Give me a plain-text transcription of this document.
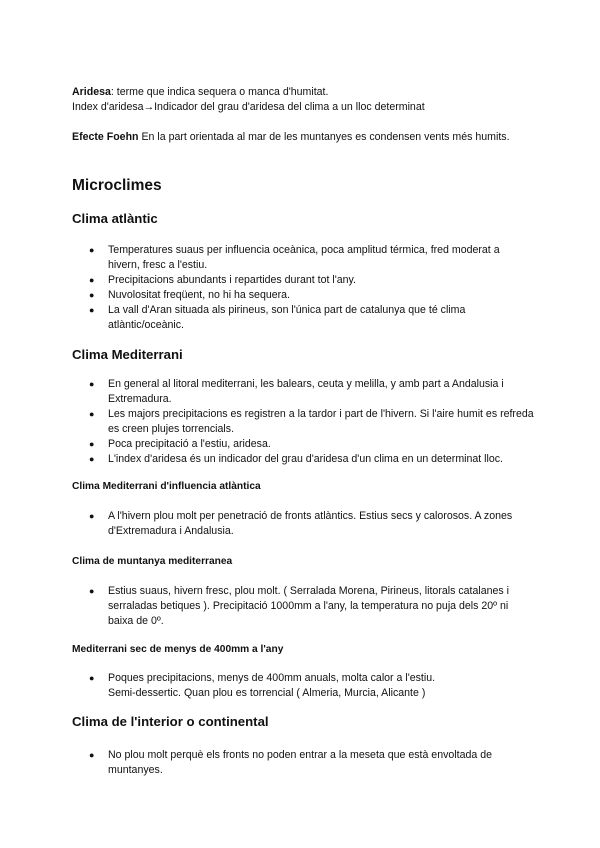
Aridesa: terme que indica sequera o manca d'humitat.

Index d'aridesa→Indicador del grau d'aridesa del clima a un lloc determinat

Efecte Foehn En la part orientada al mar de les muntanyes es condensen vents més humits.

Microclimes
Clima atlàntic
● Temperatures suaus per influencia oceànica, poca amplitud térmica, fred moderat a hivern, fresc a l'estiu.
● Precipitacions abundants i repartides durant tot l'any.
● Nuvolositat freqüent, no hi ha sequera.
● La vall d'Aran situada als pirineus, son l'única part de catalunya que té clima atlàntic/oceànic.
Clima Mediterrani
● En general al litoral mediterrani, les balears, ceuta y melilla, y amb part a Andalusia i Extremadura.
● Les majors precipitacions es registren a la tardor i part de l'hivern. Si l'aire humit es refreda es creen plujes torrencials.
● Poca precipitació a l'estiu, aridesa.
● L'index d'aridesa és un indicador del grau d'aridesa d'un clima en un determinat lloc.
Clima Mediterrani d'influencia atlàntica
● A l'hivern plou molt per penetració de fronts atlàntics. Estius secs y calorosos. A zones d'Extremadura i Andalusia.
Clima de muntanya mediterranea
● Estius suaus, hivern fresc, plou molt. ( Serralada Morena, Pirineus, litorals catalanes i serraladas betiques ). Precipitació 1000mm a l'any, la temperatura no puja dels 20º ni baixa de 0º.
Mediterrani sec de menys de 400mm a l'any
● Poques precipitacions, menys de 400mm anuals, molta calor a l'estiu.
Semi-dessertic. Quan plou es torrencial ( Almeria, Murcia, Alicante )
Clima de l'interior o continental
● No plou molt perquè els fronts no poden entrar a la meseta que està envoltada de muntanyes.
